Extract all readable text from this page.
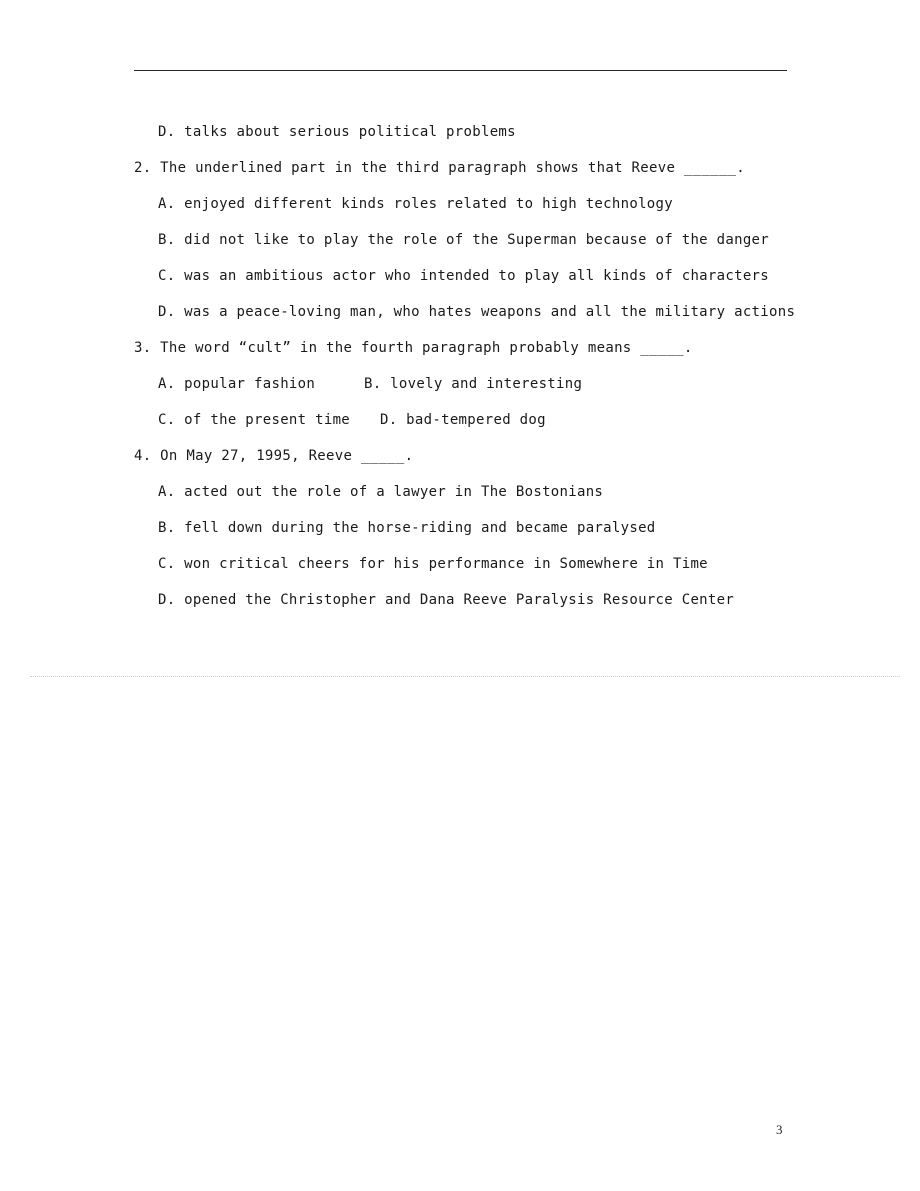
D. talks about serious political problems
2. The underlined part in the third paragraph shows that Reeve ______.
A. enjoyed different kinds roles related to high technology
B. did not like to play the role of the Superman because of the danger
C. was an ambitious actor who intended to play all kinds of characters
D. was a peace-loving man, who hates weapons and all the military actions
3. The word “cult” in the fourth paragraph probably means _____.
A. popular fashion	B. lovely and interesting
C. of the present time D. bad-tempered dog
4. On May 27, 1995, Reeve _____.
A. acted out the role of a lawyer in The Bostonians
B. fell down during the horse-riding and became paralysed
C. won critical cheers for his performance in Somewhere in Time
D. opened the Christopher and Dana Reeve Paralysis Resource Center
3
